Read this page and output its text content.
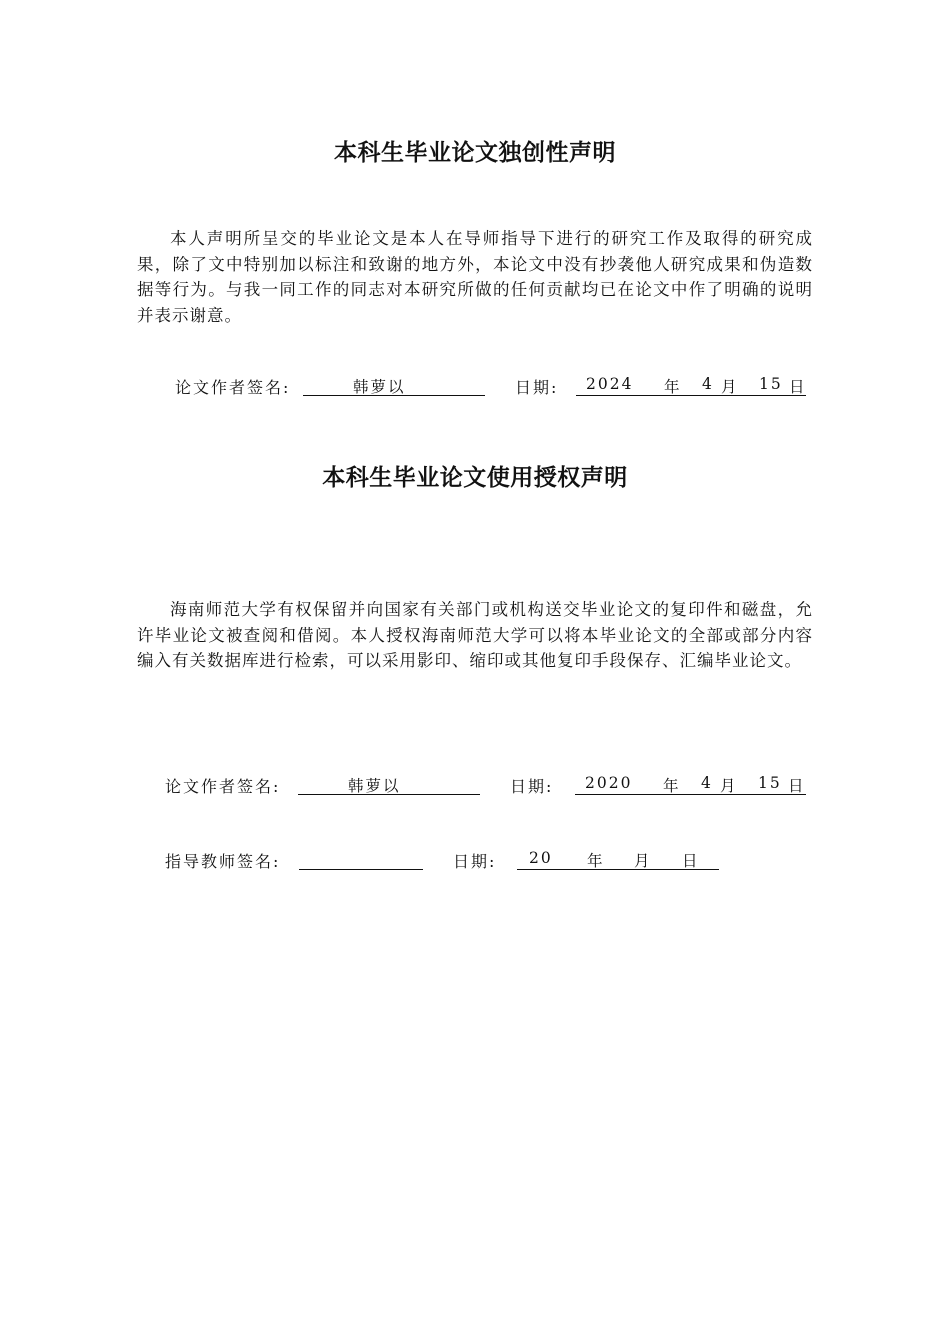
本科生毕业论文独创性声明

本人声明所呈交的毕业论文是本人在导师指导下进行的研究工作及取得的研究成果，除了文中特别加以标注和致谢的地方外，本论文中没有抄袭他人研究成果和伪造数据等行为。与我一同工作的同志对本研究所做的任何贡献均已在论文中作了明确的说明并表示谢意。

论文作者签名:	韩萝以	日期: 2024 年 4 月 15 日
本科生毕业论文使用授权声明

海南师范大学有权保留并向国家有关部门或机构送交毕业论文的复印件和磁盘，允许毕业论文被查阅和借阅。本人授权海南师范大学可以将本毕业论文的全部或部分内容编入有关数据库进行检索，可以采用影印、缩印或其他复印手段保存、汇编毕业论文。

论文作者签名:	韩萝以	日期: 2020 年 4 月 15 日
指导教师签名:	日期: 20 年 月 日
